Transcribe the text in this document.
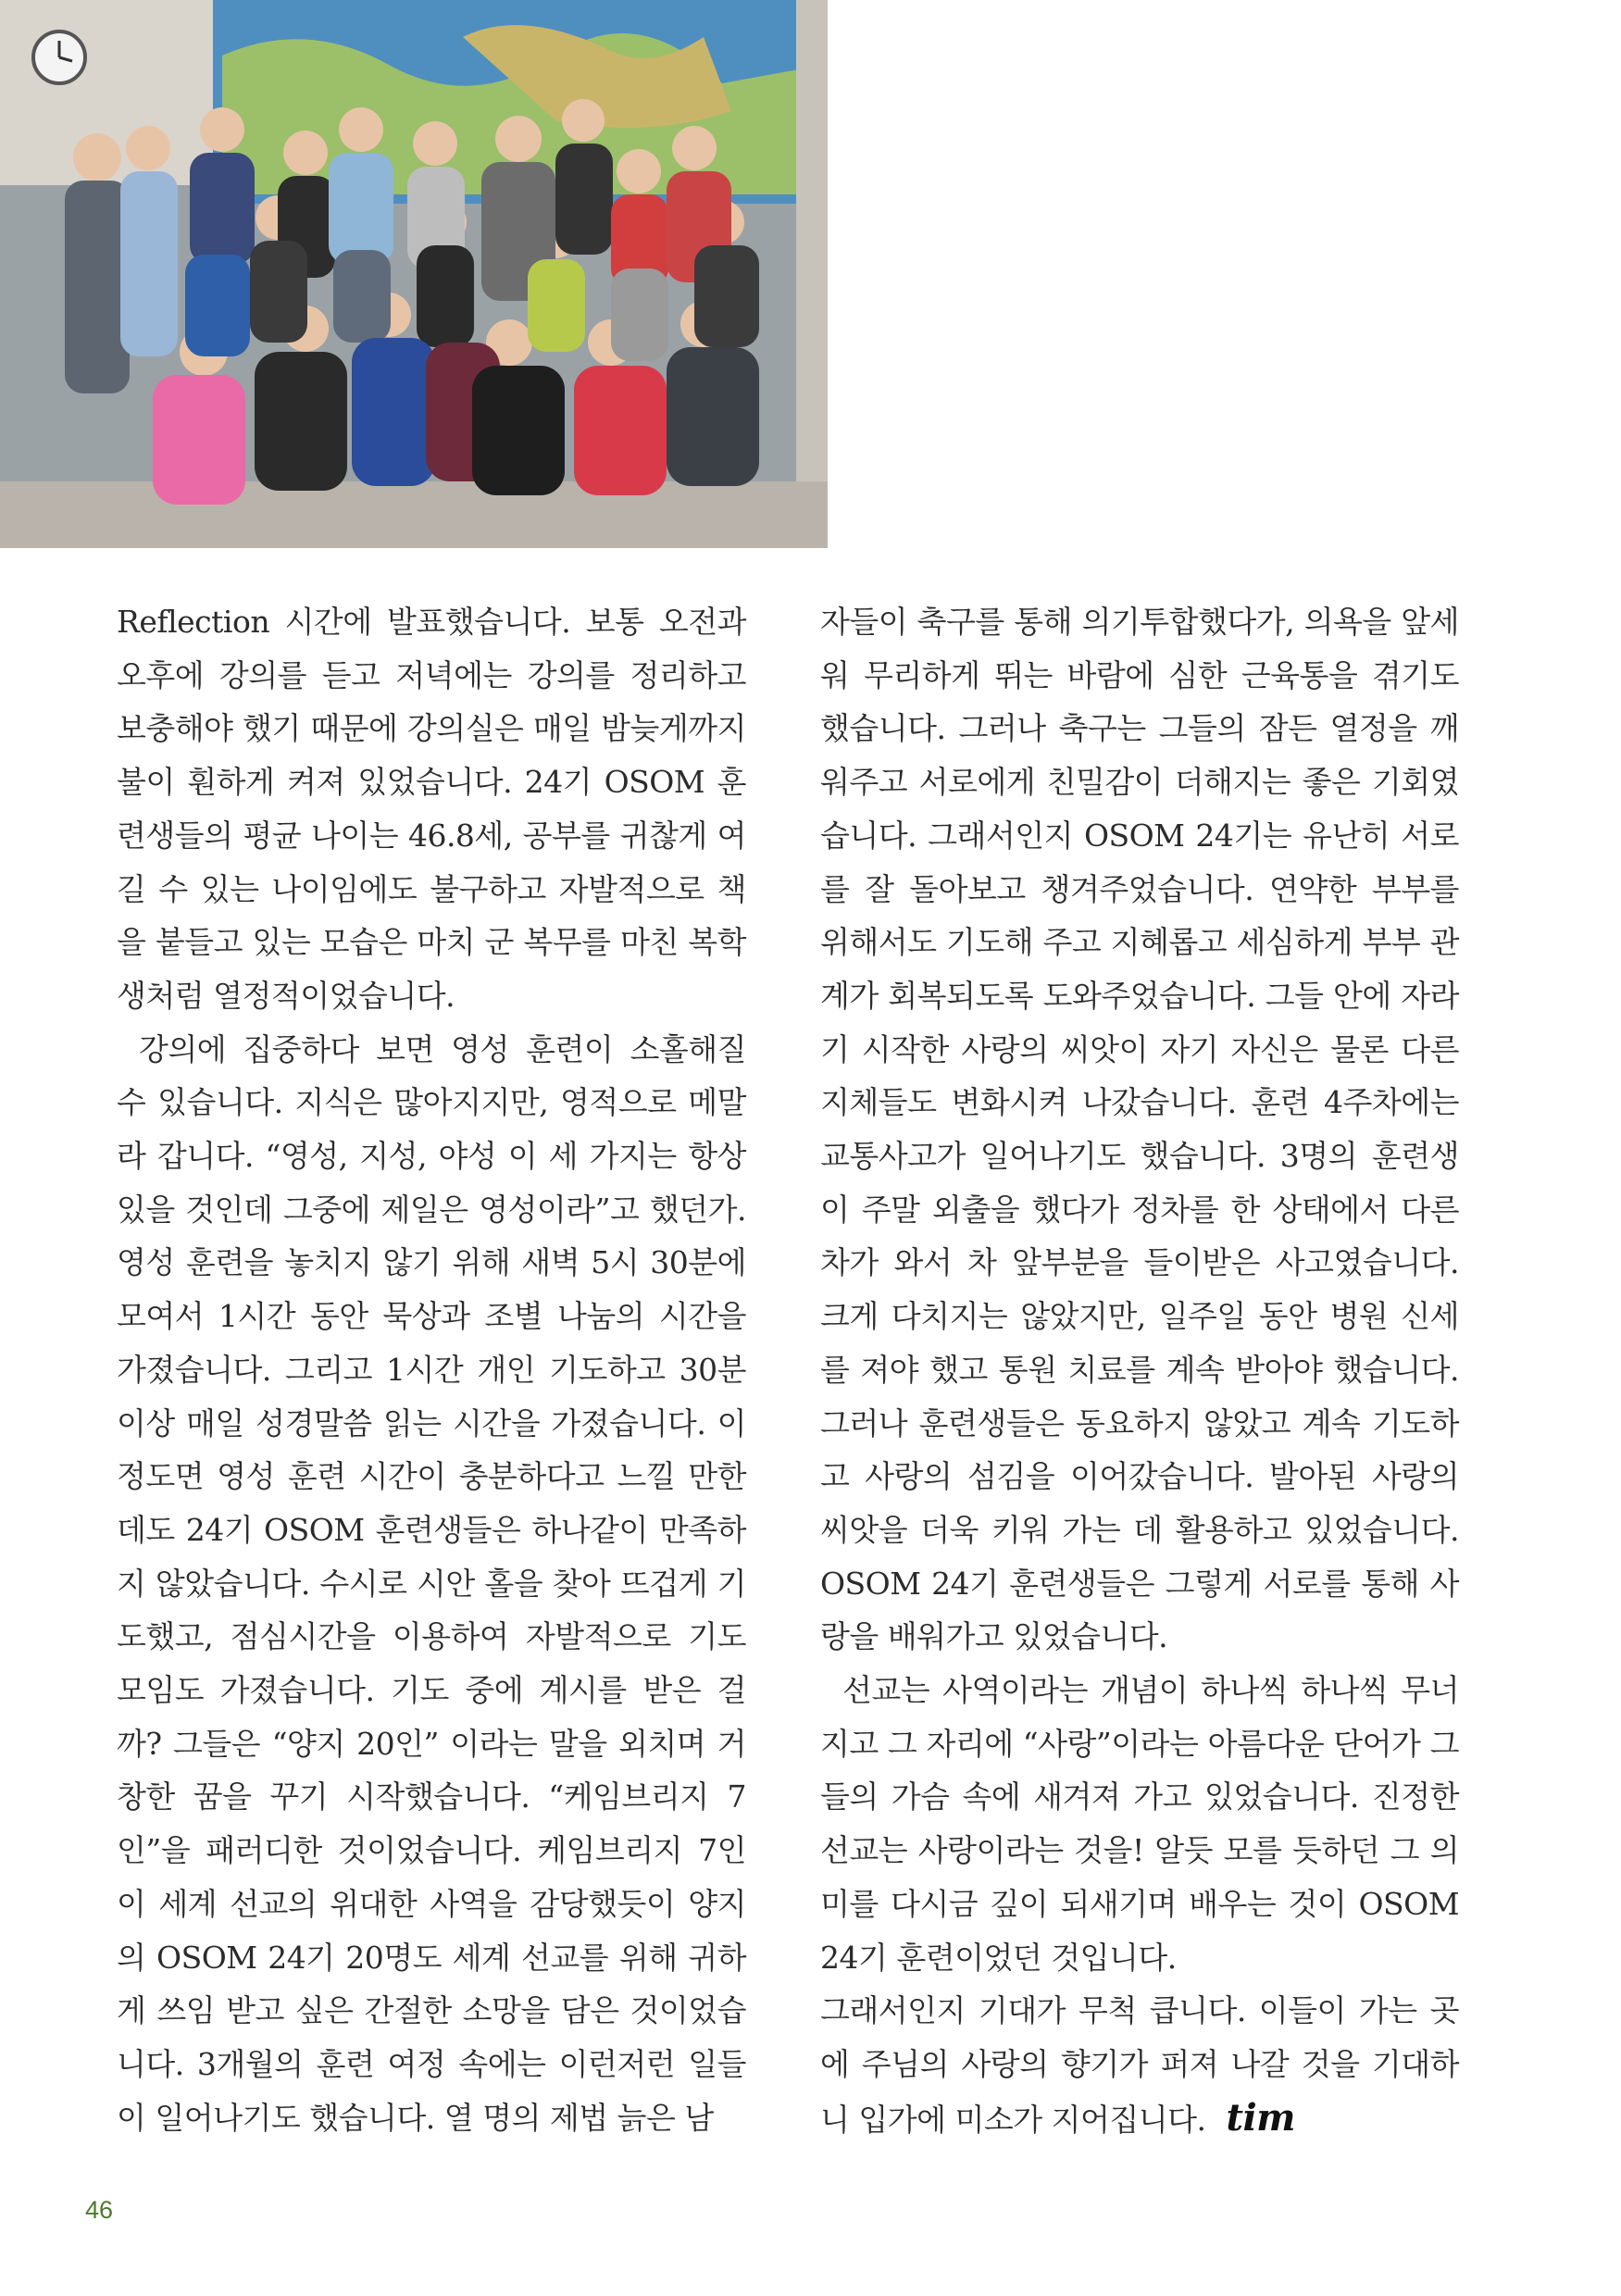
Reflection 시간에 발표했습니다. 보통 오전과 오후에 강의를 듣고 저녁에는 강의를 정리하고 보충해야 했기 때문에 강의실은 매일 밤늦게까지 불이 훤하게 켜져 있었습니다. 24기 OSOM 훈련생들의 평균 나이는 46.8세, 공부를 귀찮게 여길 수 있는 나이임에도 불구하고 자발적으로 책을 붙들고 있는 모습은 마치 군 복무를 마친 복학생처럼 열정적이었습니다.

강의에 집중하다 보면 영성 훈련이 소홀해질 수 있습니다. 지식은 많아지지만, 영적으로 메말라 갑니다. “영성, 지성, 야성 이 세 가지는 항상 있을 것인데 그중에 제일은 영성이라”고 했던가. 영성 훈련을 놓치지 않기 위해 새벽 5시 30분에 모여서 1시간 동안 묵상과 조별 나눔의 시간을 가졌습니다. 그리고 1시간 개인 기도하고 30분 이상 매일 성경말씀 읽는 시간을 가졌습니다. 이 정도면 영성 훈련 시간이 충분하다고 느낄 만한데도 24기 OSOM 훈련생들은 하나같이 만족하지 않았습니다. 수시로 시안 홀을 찾아 뜨겁게 기도했고, 점심시간을 이용하여 자발적으로 기도 모임도 가졌습니다. 기도 중에 계시를 받은 걸까? 그들은 “양지 20인” 이라는 말을 외치며 거창한 꿈을 꾸기 시작했습니다. “케임브리지 7인”을 패러디한 것이었습니다. 케임브리지 7인이 세계 선교의 위대한 사역을 감당했듯이 양지의 OSOM 24기 20명도 세계 선교를 위해 귀하게 쓰임 받고 싶은 간절한 소망을 담은 것이었습니다. 3개월의 훈련 여정 속에는 이런저런 일들이 일어나기도 했습니다. 열 명의 제법 늙은 남

자들이 축구를 통해 의기투합했다가, 의욕을 앞세워 무리하게 뛰는 바람에 심한 근육통을 겪기도 했습니다. 그러나 축구는 그들의 잠든 열정을 깨워주고 서로에게 친밀감이 더해지는 좋은 기회였습니다. 그래서인지 OSOM 24기는 유난히 서로를 잘 돌아보고 챙겨주었습니다. 연약한 부부를 위해서도 기도해 주고 지혜롭고 세심하게 부부 관계가 회복되도록 도와주었습니다. 그들 안에 자라기 시작한 사랑의 씨앗이 자기 자신은 물론 다른 지체들도 변화시켜 나갔습니다. 훈련 4주차에는 교통사고가 일어나기도 했습니다. 3명의 훈련생이 주말 외출을 했다가 정차를 한 상태에서 다른 차가 와서 차 앞부분을 들이받은 사고였습니다. 크게 다치지는 않았지만, 일주일 동안 병원 신세를 져야 했고 통원 치료를 계속 받아야 했습니다. 그러나 훈련생들은 동요하지 않았고 계속 기도하고 사랑의 섬김을 이어갔습니다. 발아된 사랑의 씨앗을 더욱 키워 가는 데 활용하고 있었습니다. OSOM 24기 훈련생들은 그렇게 서로를 통해 사랑을 배워가고 있었습니다.

선교는 사역이라는 개념이 하나씩 하나씩 무너지고 그 자리에 “사랑”이라는 아름다운 단어가 그들의 가슴 속에 새겨져 가고 있었습니다. 진정한 선교는 사랑이라는 것을! 알듯 모를 듯하던 그 의미를 다시금 깊이 되새기며 배우는 것이 OSOM 24기 훈련이었던 것입니다.

그래서인지 기대가 무척 큽니다. 이들이 가는 곳에 주님의 사랑의 향기가 퍼져 나갈 것을 기대하니 입가에 미소가 지어집니다. tim

46
